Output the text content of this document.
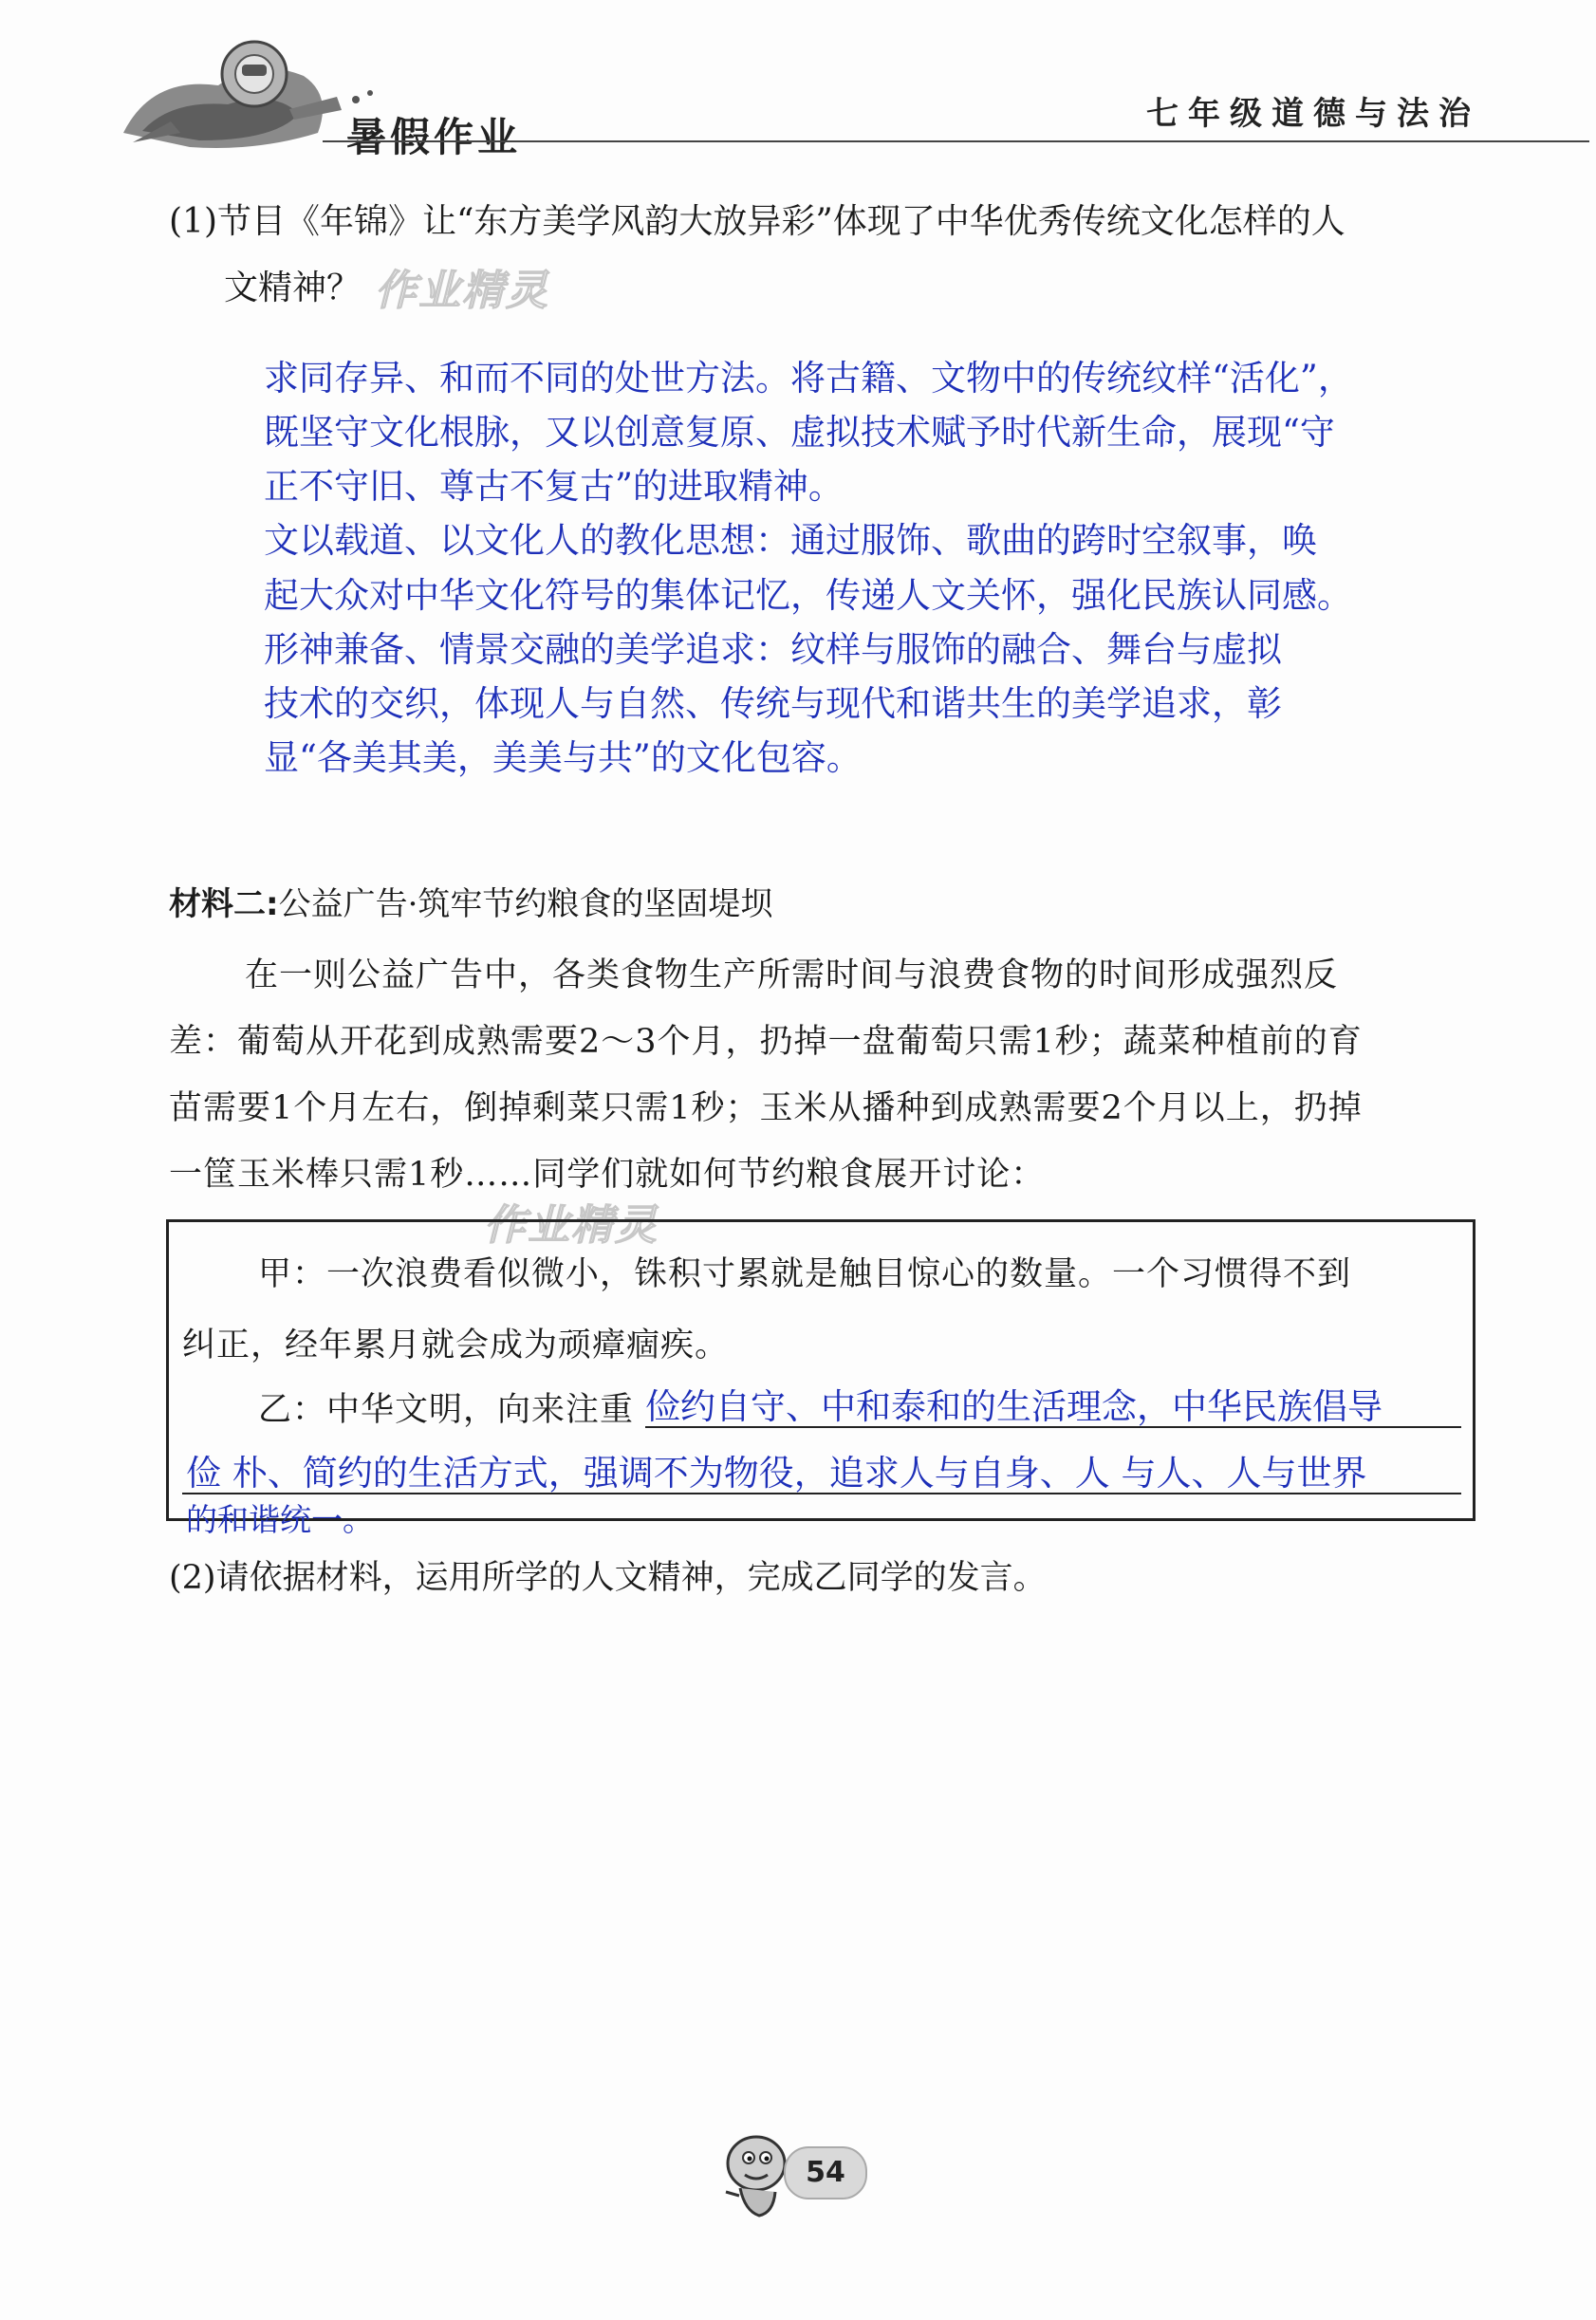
暑假作业	七年级道德与法治
(1)节目《年锦》让“东方美学风韵大放异彩”体现了中华优秀传统文化怎样的人
文精神？ 作业精灵
求同存异、和而不同的处世方法。将古籍、文物中的传统纹样“活化”，
既坚守文化根脉，又以创意复原、虚拟技术赋予时代新生命，展现“守
正不守旧、尊古不复古”的进取精神。
文以载道、以文化人的教化思想：通过服饰、歌曲的跨时空叙事，唤
起大众对中华文化符号的集体记忆，传递人文关怀，强化民族认同感。
形神兼备、情景交融的美学追求：纹样与服饰的融合、舞台与虚拟
技术的交织，体现人与自然、传统与现代和谐共生的美学追求，彰
显“各美其美，美美与共”的文化包容。
材料二:公益广告·筑牢节约粮食的坚固堤坝
在一则公益广告中，各类食物生产所需时间与浪费食物的时间形成强烈反
差：葡萄从开花到成熟需要2～3个月，扔掉一盘葡萄只需1秒；蔬菜种植前的育
苗需要1个月左右，倒掉剩菜只需1秒；玉米从播种到成熟需要2个月以上，扔掉
一筐玉米棒只需1秒……同学们就如何节约粮食展开讨论：
作业精灵
甲：一次浪费看似微小，铢积寸累就是触目惊心的数量。一个习惯得不到
纠正，经年累月就会成为顽瘴痼疾。
乙：中华文明，向来注重 俭约自守、中和泰和的生活理念，中华民族倡导
俭 朴、简约的生活方式，强调不为物役，追求人与自身、人 与人、人与世界
的和谐统一。
(2)请依据材料，运用所学的人文精神，完成乙同学的发言。
54
